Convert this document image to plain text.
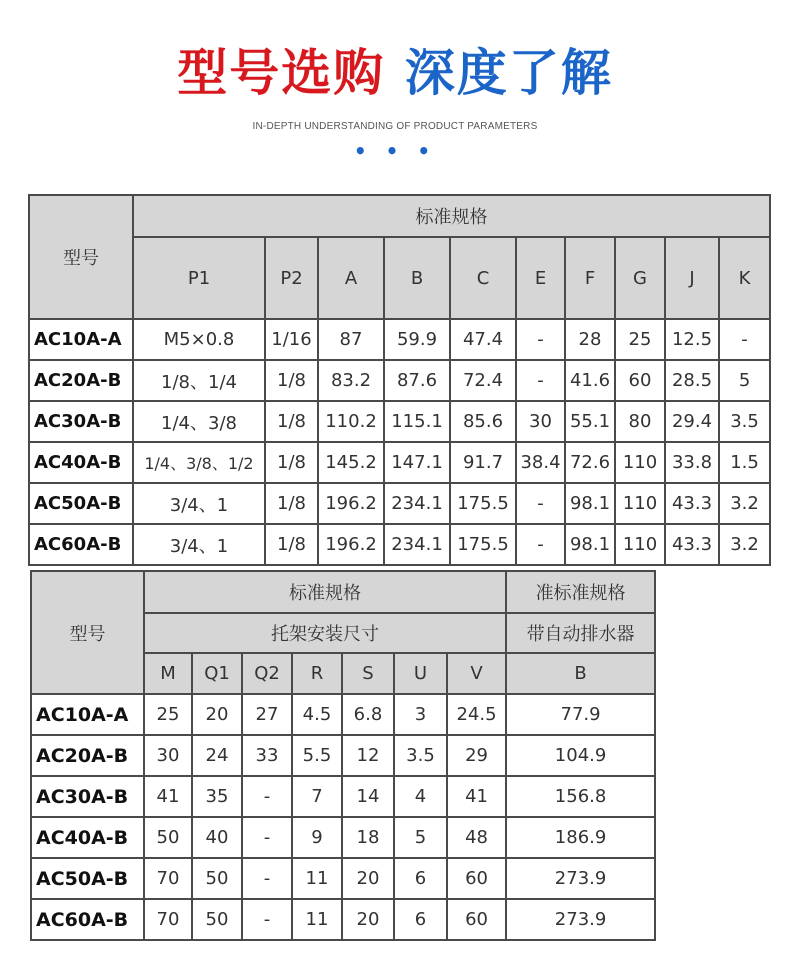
型号选购 深度了解
IN-DEPTH UNDERSTANDING OF PRODUCT PARAMETERS
• • •
型号	标准规格									
	P1	P2	A	B	C	E	F	G	J	K
AC10A-A	M5×0.8	1/16	87	59.9	47.4	-	28	25	12.5	-
AC20A-B	1/8、1/4	1/8	83.2	87.6	72.4	-	41.6	60	28.5	5
AC30A-B	1/4、3/8	1/8	110.2	115.1	85.6	30	55.1	80	29.4	3.5
AC40A-B	1/4、3/8、1/2	1/8	145.2	147.1	91.7	38.4	72.6	110	33.8	1.5
AC50A-B	3/4、1	1/8	196.2	234.1	175.5	-	98.1	110	43.3	3.2
AC60A-B	3/4、1	1/8	196.2	234.1	175.5	-	98.1	110	43.3	3.2
型号	标准规格							准标准规格
	托架安装尺寸							带自动排水器
	M	Q1	Q2	R	S	U	V	B
AC10A-A	25	20	27	4.5	6.8	3	24.5	77.9
AC20A-B	30	24	33	5.5	12	3.5	29	104.9
AC30A-B	41	35	-	7	14	4	41	156.8
AC40A-B	50	40	-	9	18	5	48	186.9
AC50A-B	70	50	-	11	20	6	60	273.9
AC60A-B	70	50	-	11	20	6	60	273.9
